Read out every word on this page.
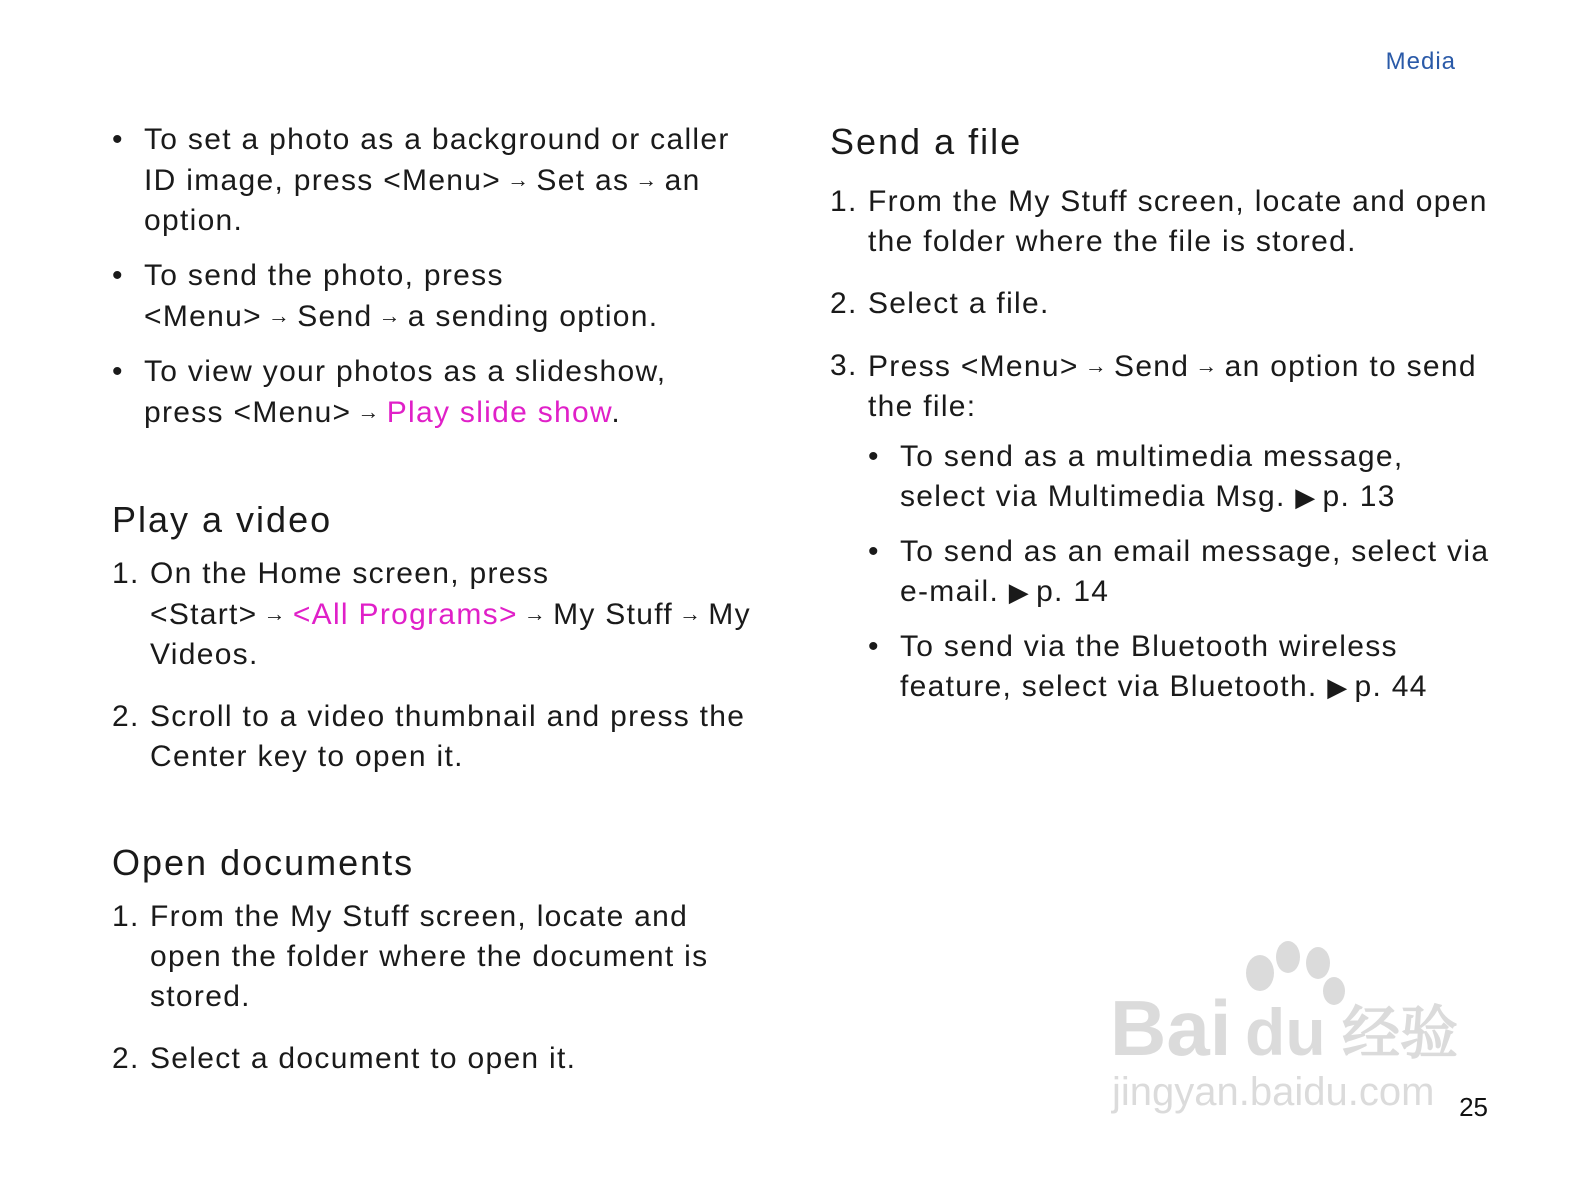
Media
• To set a photo as a background or caller ID image, press <Menu> → Set as → an option.
• To send the photo, press <Menu> → Send → a sending option.
• To view your photos as a slideshow, press <Menu> → Play slide show.
Play a video
1. On the Home screen, press <Start> → <All Programs> → My Stuff → My Videos.
2. Scroll to a video thumbnail and press the Center key to open it.
Open documents
1. From the My Stuff screen, locate and open the folder where the document is stored.
2. Select a document to open it.
Send a file
1. From the My Stuff screen, locate and open the folder where the file is stored.
2. Select a file.
3. Press <Menu> → Send → an option to send the file:
• To send as a multimedia message, select via Multimedia Msg. ▶ p. 13
• To send as an email message, select via e-mail. ▶ p. 14
• To send via the Bluetooth wireless feature, select via Bluetooth. ▶ p. 44
Bai du 经验
jingyan.baidu.com 25
